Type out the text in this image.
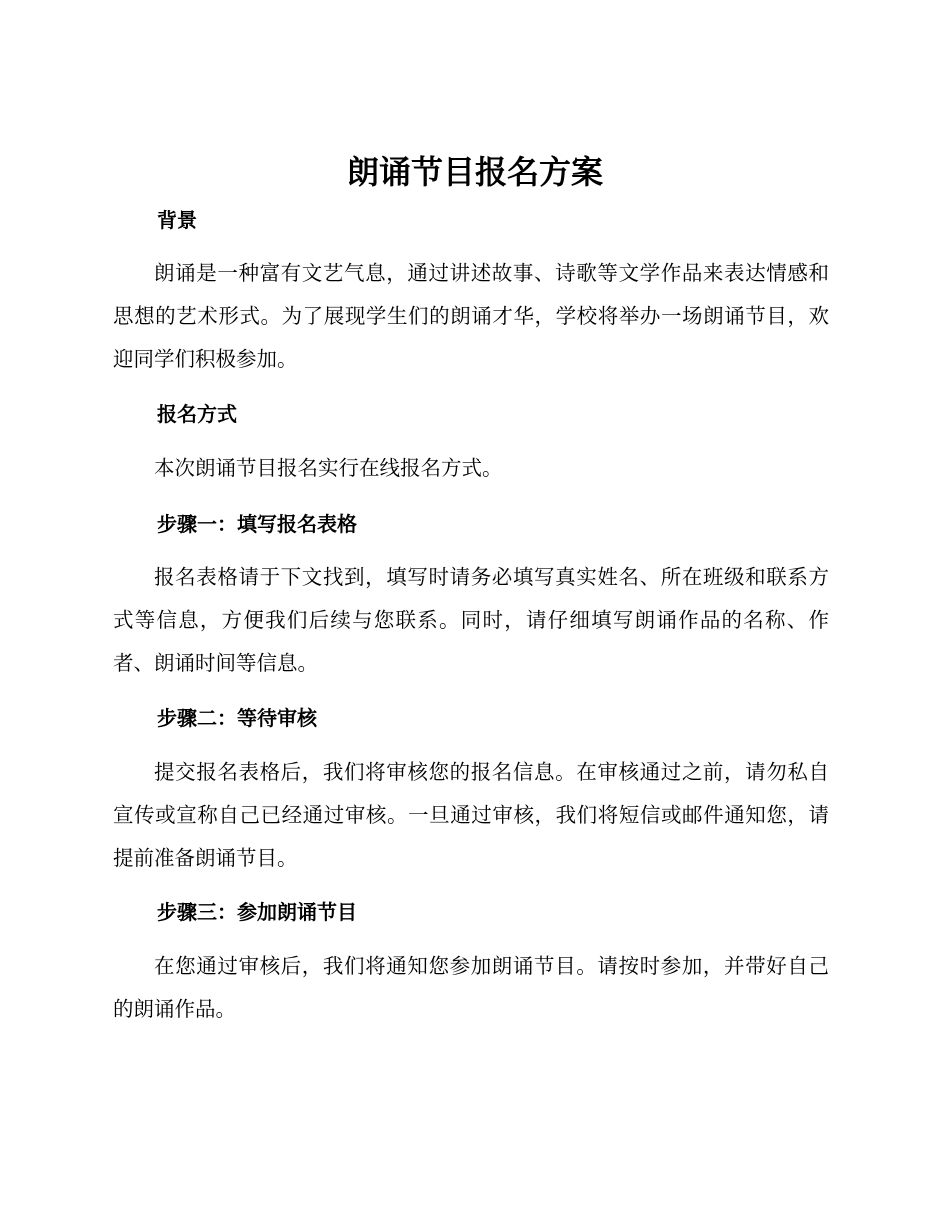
朗诵节目报名方案
背景

朗诵是一种富有文艺气息，通过讲述故事、诗歌等文学作品来表达情感和思想的艺术形式。为了展现学生们的朗诵才华，学校将举办一场朗诵节目，欢迎同学们积极参加。

报名方式

本次朗诵节目报名实行在线报名方式。

步骤一：填写报名表格

报名表格请于下文找到，填写时请务必填写真实姓名、所在班级和联系方式等信息，方便我们后续与您联系。同时，请仔细填写朗诵作品的名称、作者、朗诵时间等信息。

步骤二：等待审核

提交报名表格后，我们将审核您的报名信息。在审核通过之前，请勿私自宣传或宣称自己已经通过审核。一旦通过审核，我们将短信或邮件通知您，请提前准备朗诵节目。

步骤三：参加朗诵节目

在您通过审核后，我们将通知您参加朗诵节目。请按时参加，并带好自己的朗诵作品。
